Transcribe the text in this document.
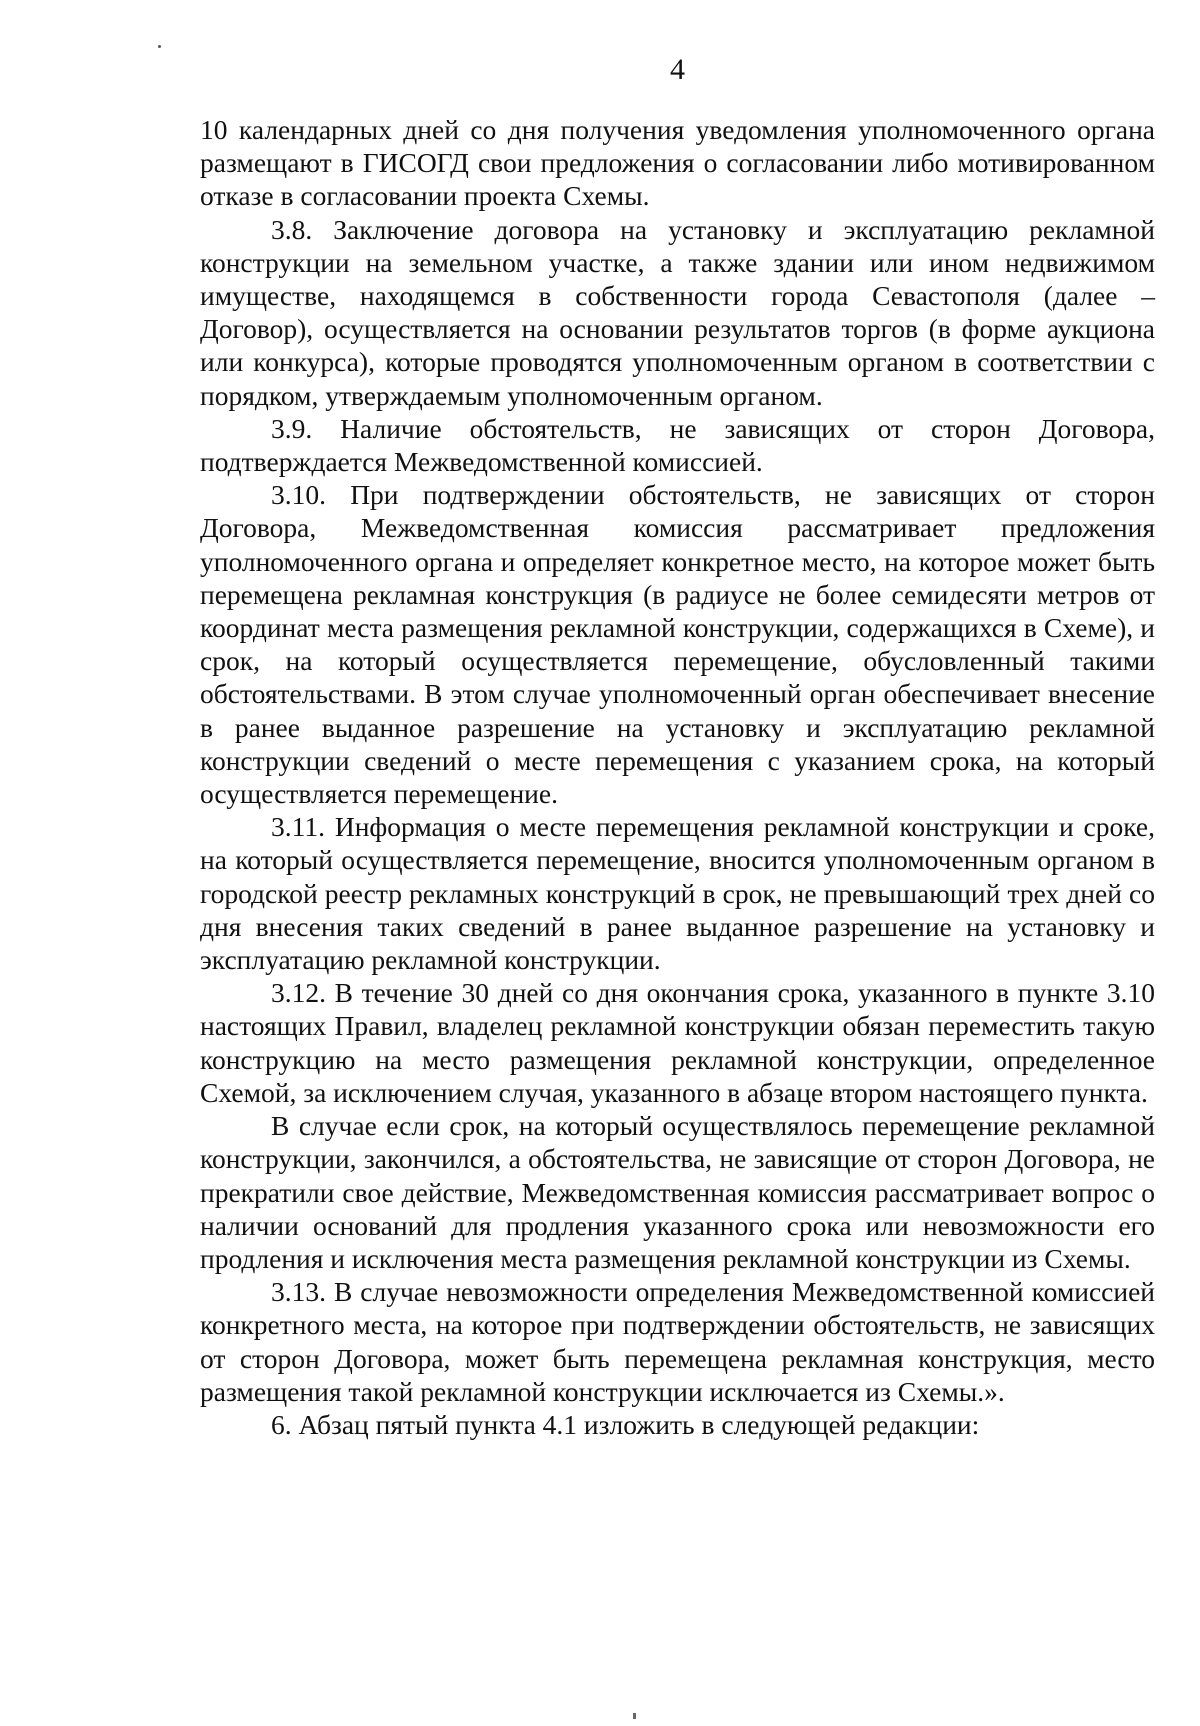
4

10 календарных дней со дня получения уведомления уполномоченного органа размещают в ГИСОГД свои предложения о согласовании либо мотивированном отказе в согласовании проекта Схемы.

3.8. Заключение договора на установку и эксплуатацию рекламной конструкции на земельном участке, а также здании или ином недвижимом имуществе, находящемся в собственности города Севастополя (далее – Договор), осуществляется на основании результатов торгов (в форме аукциона или конкурса), которые проводятся уполномоченным органом в соответствии с порядком, утверждаемым уполномоченным органом.

3.9. Наличие обстоятельств, не зависящих от сторон Договора, подтверждается Межведомственной комиссией.

3.10. При подтверждении обстоятельств, не зависящих от сторон Договора, Межведомственная комиссия рассматривает предложения уполномоченного органа и определяет конкретное место, на которое может быть перемещена рекламная конструкция (в радиусе не более семидесяти метров от координат места размещения рекламной конструкции, содержащихся в Схеме), и срок, на который осуществляется перемещение, обусловленный такими обстоятельствами. В этом случае уполномоченный орган обеспечивает внесение в ранее выданное разрешение на установку и эксплуатацию рекламной конструкции сведений о месте перемещения с указанием срока, на который осуществляется перемещение.

3.11. Информация о месте перемещения рекламной конструкции и сроке, на который осуществляется перемещение, вносится уполномоченным органом в городской реестр рекламных конструкций в срок, не превышающий трех дней со дня внесения таких сведений в ранее выданное разрешение на установку и эксплуатацию рекламной конструкции.

3.12. В течение 30 дней со дня окончания срока, указанного в пункте 3.10 настоящих Правил, владелец рекламной конструкции обязан переместить такую конструкцию на место размещения рекламной конструкции, определенное Схемой, за исключением случая, указанного в абзаце втором настоящего пункта.

В случае если срок, на который осуществлялось перемещение рекламной конструкции, закончился, а обстоятельства, не зависящие от сторон Договора, не прекратили свое действие, Межведомственная комиссия рассматривает вопрос о наличии оснований для продления указанного срока или невозможности его продления и исключения места размещения рекламной конструкции из Схемы.

3.13. В случае невозможности определения Межведомственной комиссией конкретного места, на которое при подтверждении обстоятельств, не зависящих от сторон Договора, может быть перемещена рекламная конструкция, место размещения такой рекламной конструкции исключается из Схемы.».

6. Абзац пятый пункта 4.1 изложить в следующей редакции:
